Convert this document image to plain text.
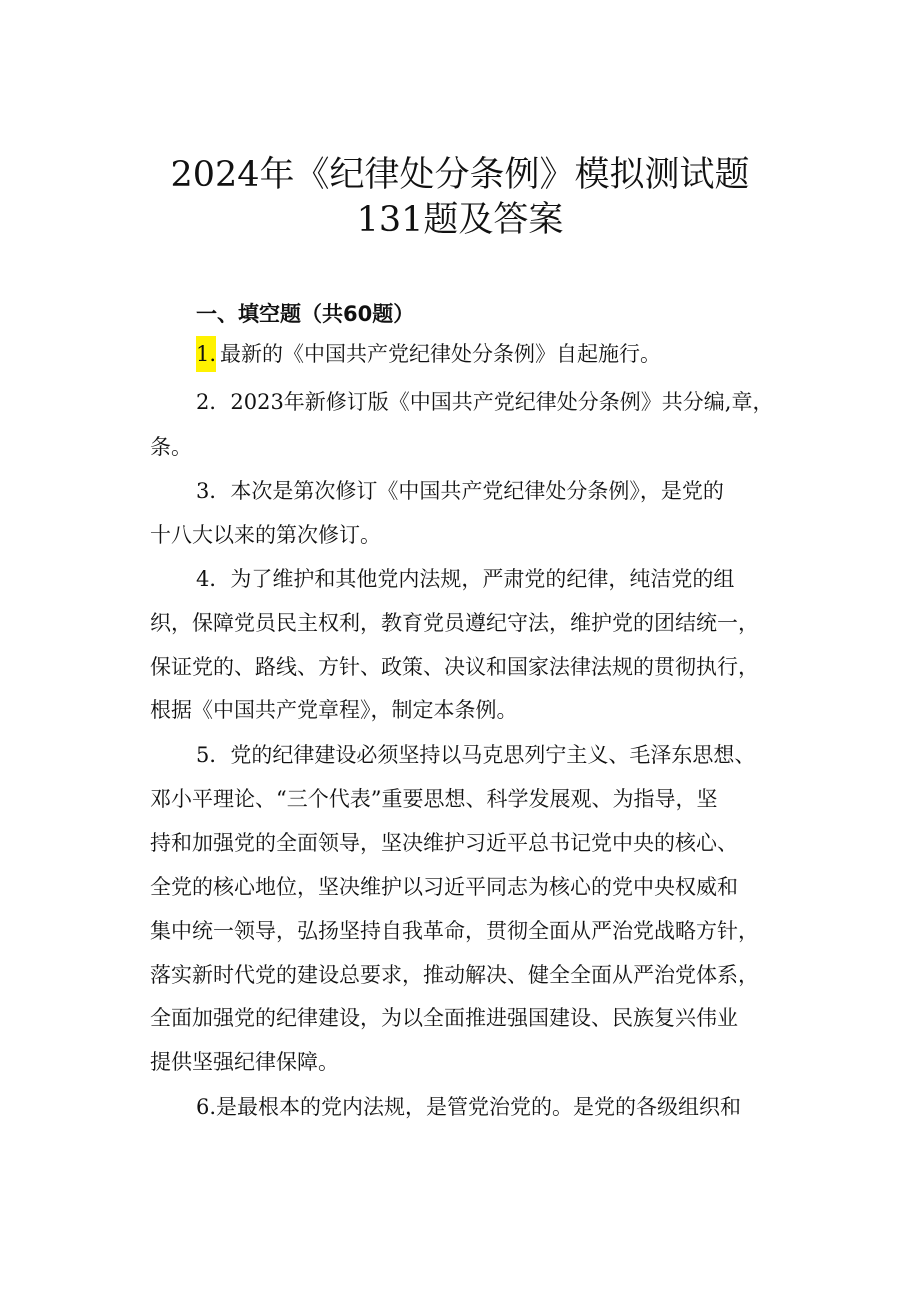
2024年《纪律处分条例》模拟测试题
131题及答案
一、填空题（共60题）
1. 最新的《中国共产党纪律处分条例》自起施行。
2．2023年新修订版《中国共产党纪律处分条例》共分编,章，
条。
3．本次是第次修订《中国共产党纪律处分条例》，是党的
十八大以来的第次修订。
4．为了维护和其他党内法规，严肃党的纪律，纯洁党的组
织，保障党员民主权利，教育党员遵纪守法，维护党的团结统一，
保证党的、路线、方针、政策、决议和国家法律法规的贯彻执行，
根据《中国共产党章程》，制定本条例。
5．党的纪律建设必须坚持以马克思列宁主义、毛泽东思想、
邓小平理论、“三个代表”重要思想、科学发展观、为指导，坚
持和加强党的全面领导，坚决维护习近平总书记党中央的核心、
全党的核心地位，坚决维护以习近平同志为核心的党中央权威和
集中统一领导，弘扬坚持自我革命，贯彻全面从严治党战略方针，
落实新时代党的建设总要求，推动解决、健全全面从严治党体系，
全面加强党的纪律建设，为以全面推进强国建设、民族复兴伟业
提供坚强纪律保障。
6.是最根本的党内法规，是管党治党的。是党的各级组织和
